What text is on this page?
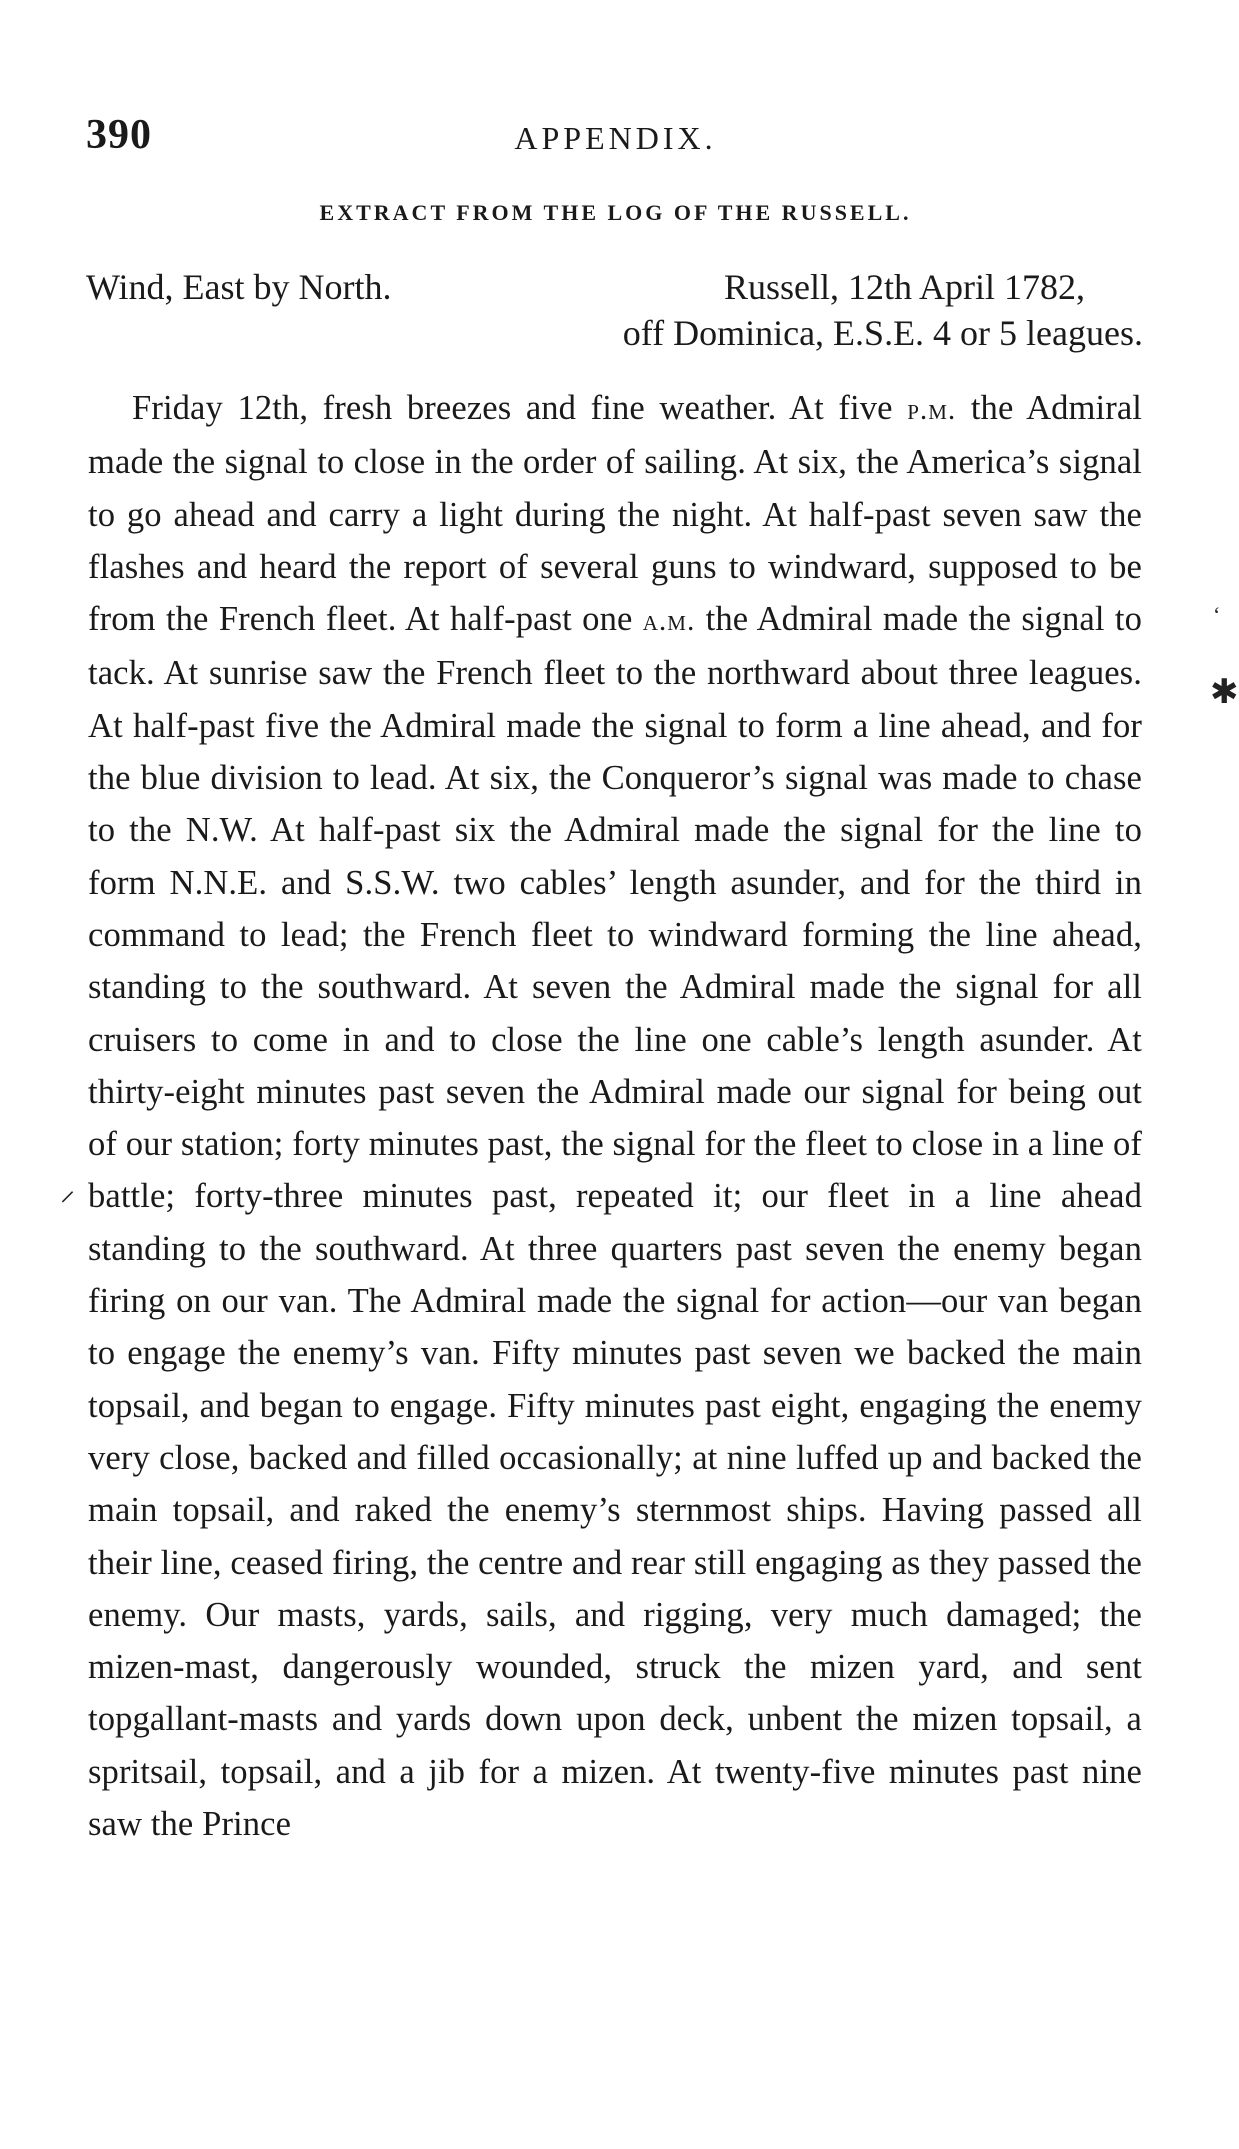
390	APPENDIX.
EXTRACT FROM THE LOG OF THE RUSSELL.
Wind, East by North.	Russell, 12th April 1782,
off Dominica, E.S.E. 4 or 5 leagues.

Friday 12th, fresh breezes and fine weather. At five p.m. the Admiral made the signal to close in the order of sailing. At six, the America’s signal to go ahead and carry a light during the night. At half-past seven saw the flashes and heard the report of several guns to windward, supposed to be from the French fleet. At half-past one a.m. the Admiral made the signal to tack. At sunrise saw the French fleet to the northward about three leagues. At half-past five the Admiral made the signal to form a line ahead, and for the blue division to lead. At six, the Conqueror’s signal was made to chase to the N.W. At half-past six the Admiral made the signal for the line to form N.N.E. and S.S.W. two cables’ length asunder, and for the third in command to lead; the French fleet to windward forming the line ahead, standing to the southward. At seven the Admiral made the signal for all cruisers to come in and to close the line one cable’s length asunder. At thirty-eight minutes past seven the Admiral made our signal for being out of our station; forty minutes past, the signal for the fleet to close in a line of battle; forty-three minutes past, repeated it; our fleet in a line ahead standing to the southward. At three quarters past seven the enemy began firing on our van. The Admiral made the signal for action—our van began to engage the enemy’s van. Fifty minutes past seven we backed the main topsail, and began to engage. Fifty minutes past eight, engaging the enemy very close, backed and filled occasionally; at nine luffed up and backed the main topsail, and raked the enemy’s sternmost ships. Having passed all their line, ceased firing, the centre and rear still engaging as they passed the enemy. Our masts, yards, sails, and rigging, very much damaged; the mizen-mast, dangerously wounded, struck the mizen yard, and sent topgallant-masts and yards down upon deck, unbent the mizen topsail, a spritsail, topsail, and a jib for a mizen. At twenty-five minutes past nine saw the Prince

‘
✱
⸝
